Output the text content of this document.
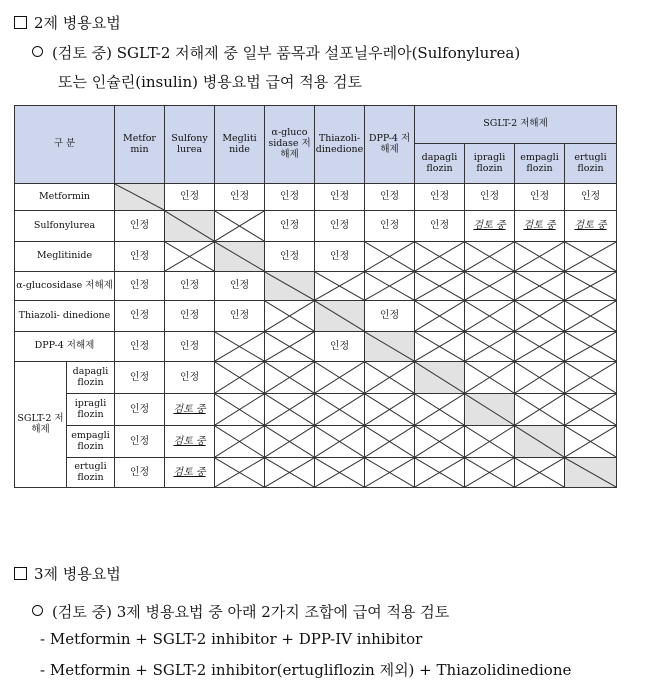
2제 병용요법
(검토 중) SGLT-2 저해제 중 일부 품목과 설포닐우레아(Sulfonylurea)
또는 인슐린(insulin) 병용요법 급여 적용 검토
구 분		Metfor min	Sulfony lurea	Megliti nide	α-gluco sidase 저해제	Thiazoli- dinedione	DPP-4 저해제	SGLT-2 저해제			
								dapagli flozin	ipragli flozin	empagli flozin	ertugli flozin
Metformin			인정	인정	인정	인정	인정	인정	인정	인정	인정
Sulfonylurea		인정			인정	인정	인정	인정	검토 중	검토 중	검토 중
Meglitinide		인정			인정	인정	

α-glucosidase 저해제		인정	인정	인정	

Thiazoli- dinedione		인정	인정	인정			인정	

DPP-4 저해제		인정	인정			인정	

SGLT-2 저해제	dapagli flozin	인정	인정	

	ipragli flozin	인정	검토 중	

	empagli flozin	인정	검토 중	

	ertugli flozin	인정	검토 중	

3제 병용요법
(검토 중) 3제 병용요법 중 아래 2가지 조합에 급여 적용 검토
- Metformin + SGLT-2 inhibitor + DPP-IV inhibitor
- Metformin + SGLT-2 inhibitor(ertugliflozin 제외) + Thiazolidinedione
